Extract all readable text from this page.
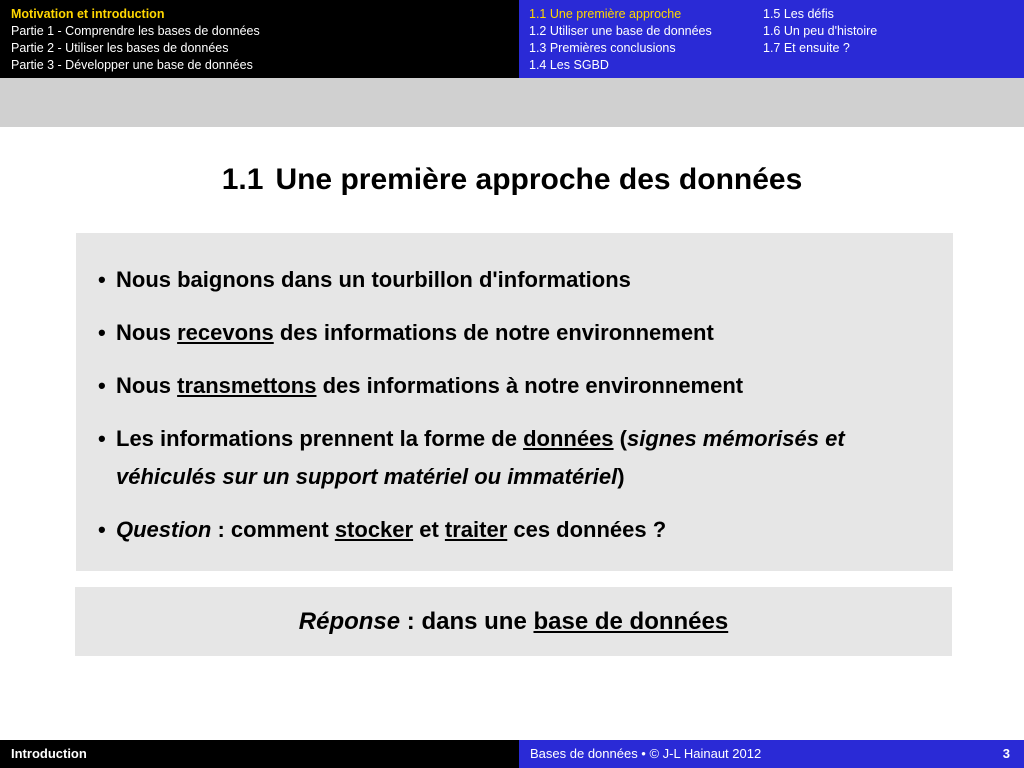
Motivation et introduction
Partie 1 - Comprendre les bases de données
Partie 2 - Utiliser les bases de données
Partie 3 - Développer une base de données
1.1 Une première approche
1.2 Utiliser une base de données
1.3 Premières conclusions
1.4 Les SGBD
1.5 Les défis
1.6 Un peu d'histoire
1.7 Et ensuite ?
1.1 Une première approche des données
• Nous baignons dans un tourbillon d'informations
• Nous recevons des informations de notre environnement
• Nous transmettons des informations à notre environnement
• Les informations prennent la forme de données (signes mémorisés et véhiculés sur un support matériel ou immatériel)
• Question : comment stocker et traiter ces données ?
Réponse : dans une base de données
Introduction	Bases de données • © J-L Hainaut 2012	3
